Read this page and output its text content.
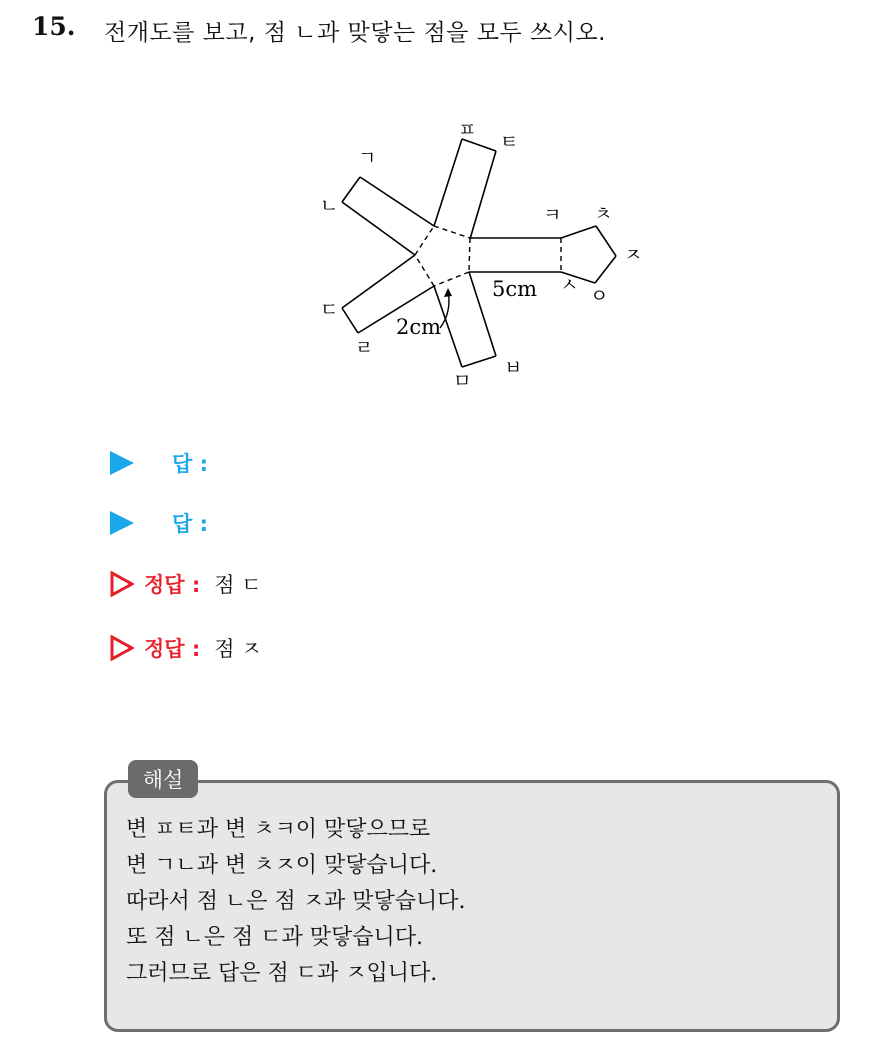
15. 전개도를 보고, 점 ㄴ과 맞닿는 점을 모두 쓰시오.
ㄱ
ㄴ
ㄷ
ㄹ
ㅁ
ㅂ
ㅅ ㅇ
ㅈ
ㅊ
ㅋ
ㅌ
ㅍ
5cm
2cm
답 :
답 :
정답 : 점 ㄷ
정답 : 점 ㅈ
해설
변 ㅍㅌ과 변 ㅊㅋ이 맞닿으므로
변 ㄱㄴ과 변 ㅊㅈ이 맞닿습니다.
따라서 점 ㄴ은 점 ㅈ과 맞닿습니다.
또 점 ㄴ은 점 ㄷ과 맞닿습니다.
그러므로 답은 점 ㄷ과 ㅈ입니다.
